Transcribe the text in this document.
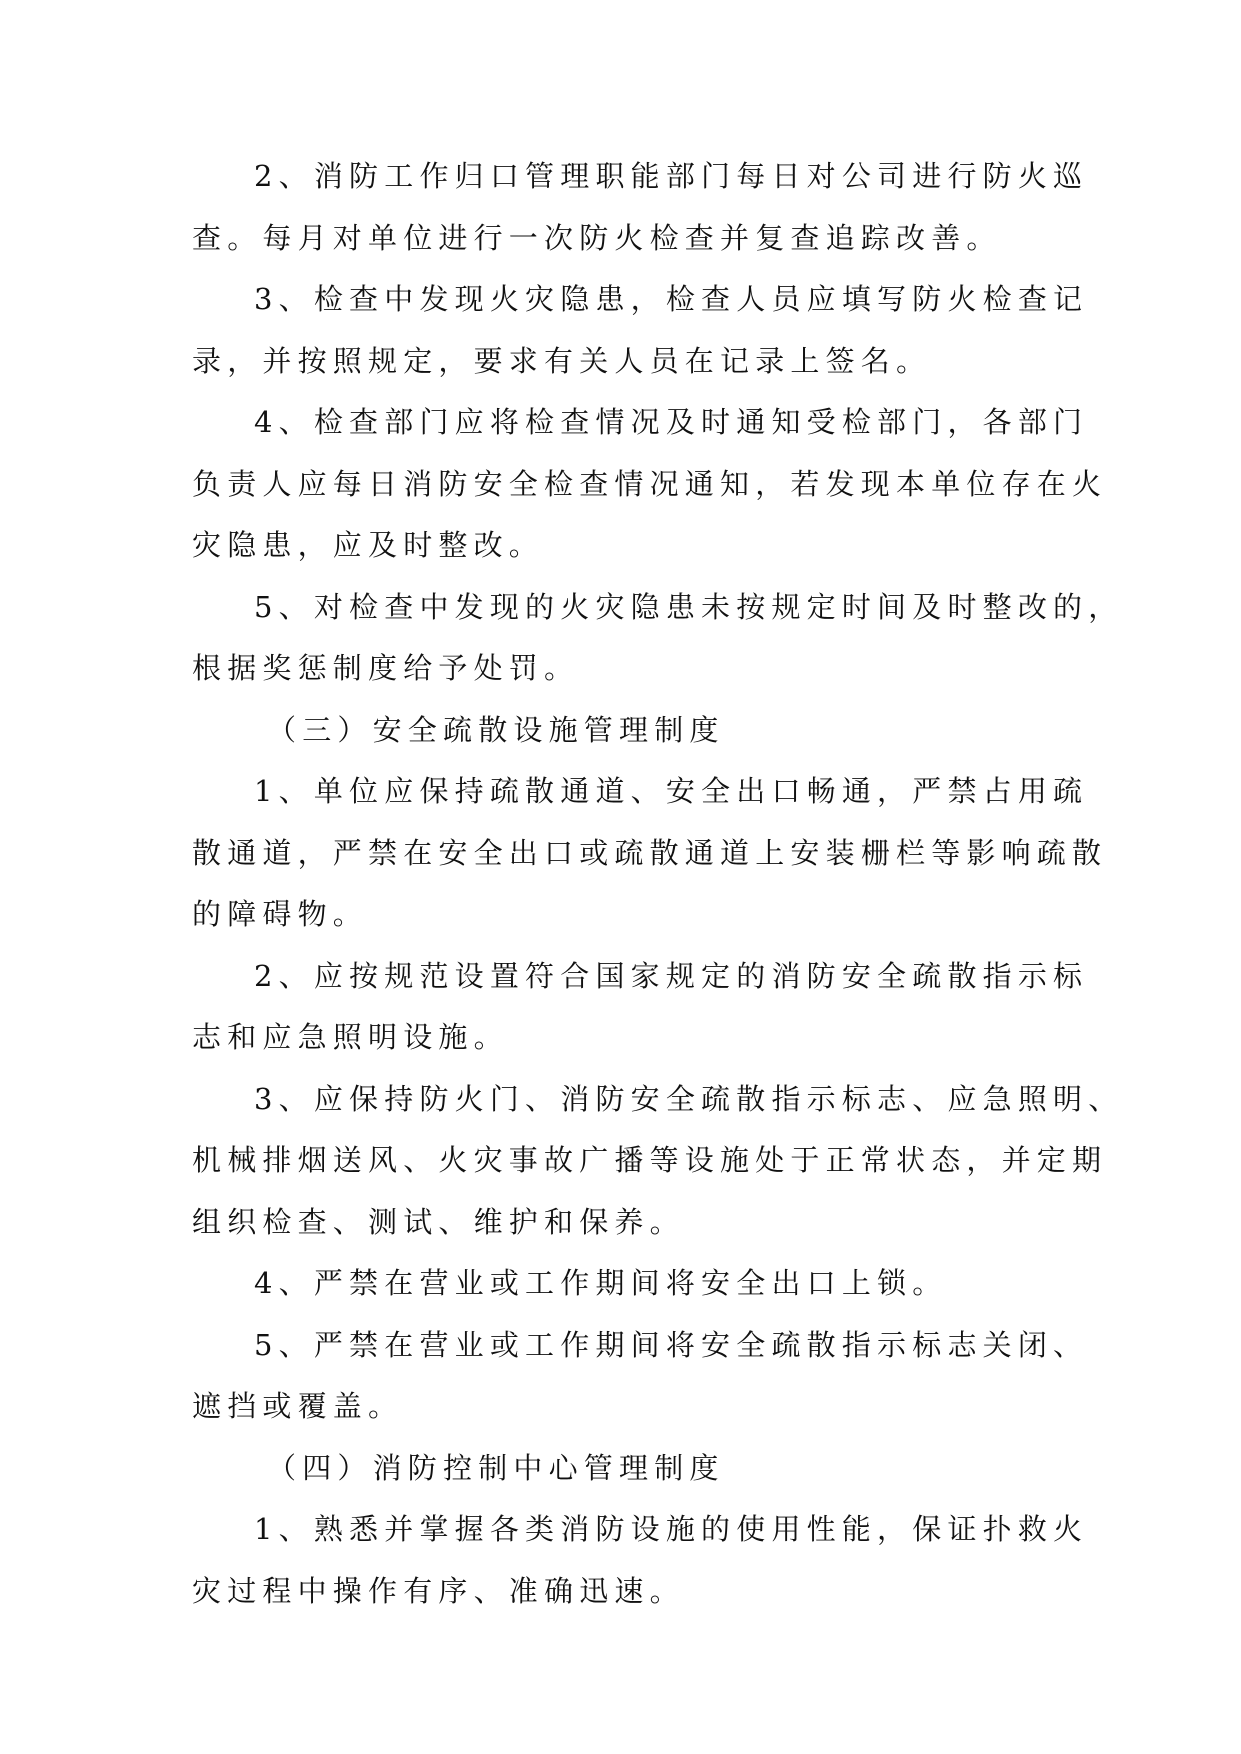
2、消防工作归口管理职能部门每日对公司进行防火巡
查。每月对单位进行一次防火检查并复查追踪改善。
3、检查中发现火灾隐患，检查人员应填写防火检查记
录，并按照规定，要求有关人员在记录上签名。
4、检查部门应将检查情况及时通知受检部门，各部门
负责人应每日消防安全检查情况通知，若发现本单位存在火
灾隐患，应及时整改。
5、对检查中发现的火灾隐患未按规定时间及时整改的，
根据奖惩制度给予处罚。
（三）安全疏散设施管理制度
1、单位应保持疏散通道、安全出口畅通，严禁占用疏
散通道，严禁在安全出口或疏散通道上安装栅栏等影响疏散
的障碍物。
2、应按规范设置符合国家规定的消防安全疏散指示标
志和应急照明设施。
3、应保持防火门、消防安全疏散指示标志、应急照明、
机械排烟送风、火灾事故广播等设施处于正常状态，并定期
组织检查、测试、维护和保养。
4、严禁在营业或工作期间将安全出口上锁。
5、严禁在营业或工作期间将安全疏散指示标志关闭、
遮挡或覆盖。
（四）消防控制中心管理制度
1、熟悉并掌握各类消防设施的使用性能，保证扑救火
灾过程中操作有序、准确迅速。
